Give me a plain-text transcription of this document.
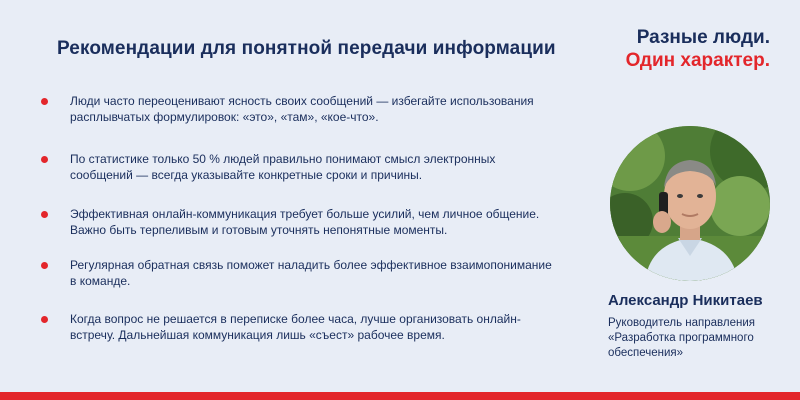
Рекомендации для понятной передачи информации
Разные люди.
Один характер.
Люди часто переоценивают ясность своих сообщений — избегайте использования расплывчатых формулировок: «это», «там», «кое-что».
По статистике только 50 % людей правильно понимают смысл электронных сообщений — всегда указывайте конкретные сроки и причины.
Эффективная онлайн-коммуникация требует больше усилий, чем личное общение. Важно быть терпеливым и готовым уточнять непонятные моменты.
Регулярная обратная связь поможет наладить более эффективное взаимопонимание в команде.
Когда вопрос не решается в переписке более часа, лучше организовать онлайн-встречу. Дальнейшая коммуникация лишь «съест» рабочее время.
Александр Никитаев
Руководитель направления «Разработка программного обеспечения»
